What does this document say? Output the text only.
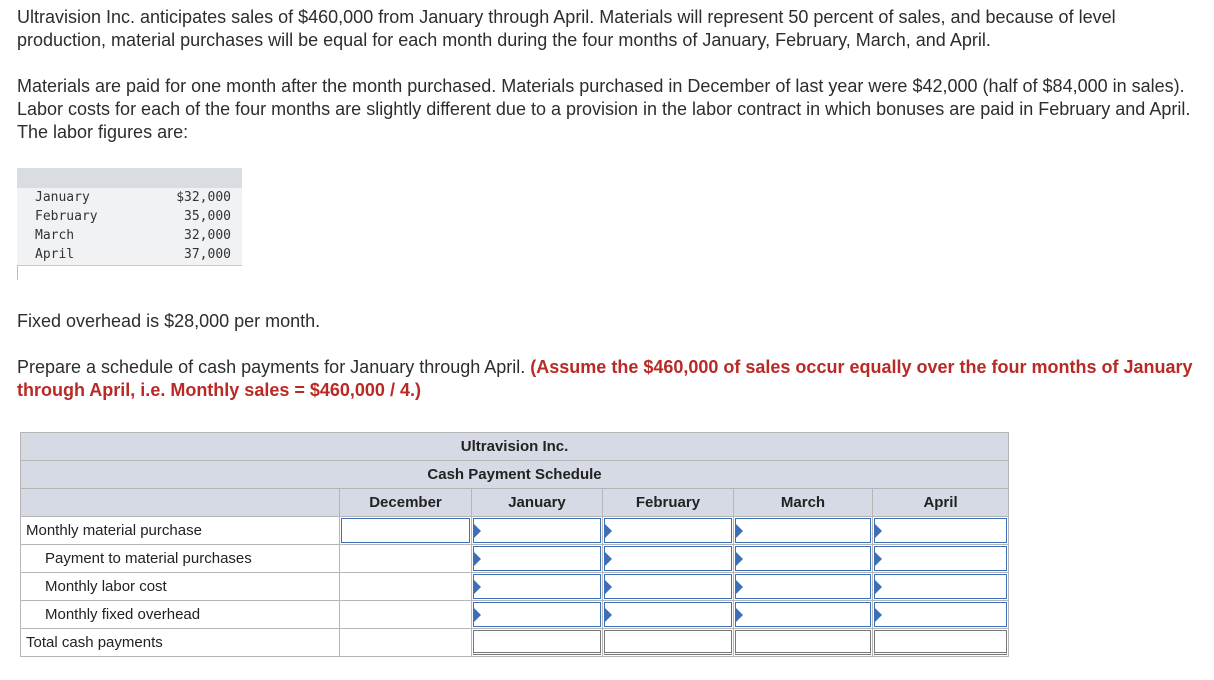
Ultravision Inc. anticipates sales of $460,000 from January through April. Materials will represent 50 percent of sales, and because of level production, material purchases will be equal for each month during the four months of January, February, March, and April.
Materials are paid for one month after the month purchased. Materials purchased in December of last year were $42,000 (half of $84,000 in sales). Labor costs for each of the four months are slightly different due to a provision in the labor contract in which bonuses are paid in February and April. The labor figures are:
January	$32,000
February	35,000
March	32,000
April	37,000
Fixed overhead is $28,000 per month.
Prepare a schedule of cash payments for January through April. (Assume the $460,000 of sales occur equally over the four months of January through April, i.e. Monthly sales = $460,000 / 4.)
Ultravision Inc.					
Cash Payment Schedule					
	December	January	February	March	April
Monthly material purchase	

Payment to material purchases		

Monthly labor cost		

Monthly fixed overhead		

Total cash payments		
